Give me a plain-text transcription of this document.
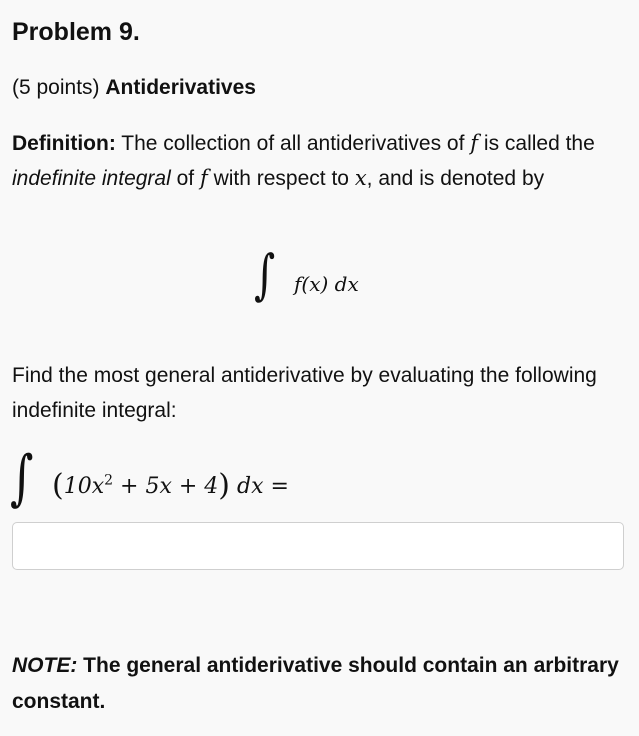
Problem 9.
(5 points) Antiderivatives
Definition: The collection of all antiderivatives of f is called the indefinite integral of f with respect to x, and is denoted by
∫ f(x) dx
Find the most general antiderivative by evaluating the following indefinite integral:
∫ $(10x^2 + 5x + 4)$ dx =
NOTE: The general antiderivative should contain an arbitrary constant.
